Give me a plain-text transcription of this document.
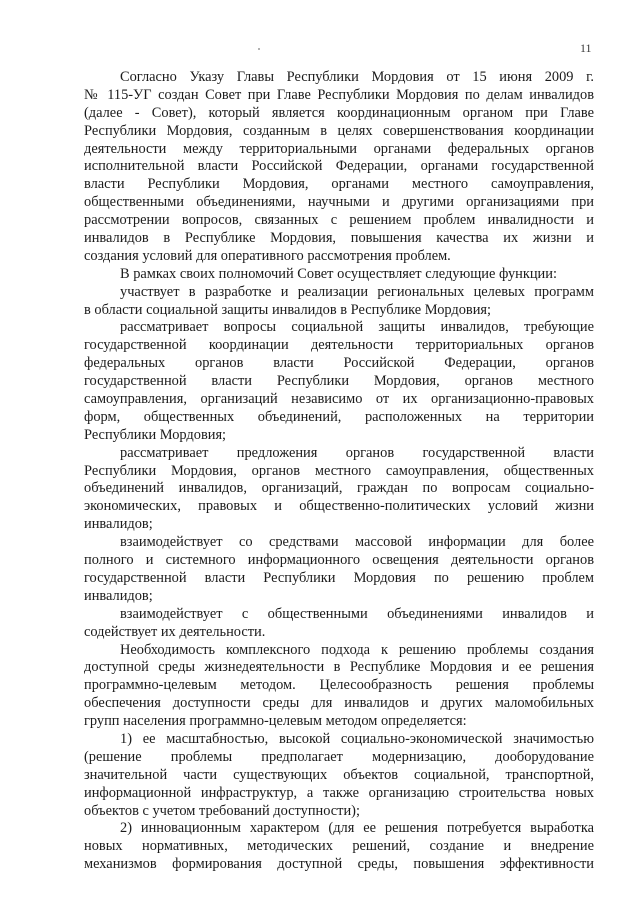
11
Согласно Указу Главы Республики Мордовия от 15 июня 2009 г.
№ 115-УГ создан Совет при Главе Республики Мордовия по делам инвалидов
(далее - Совет), который является координационным органом при Главе
Республики Мордовия, созданным в целях совершенствования координации
деятельности между территориальными органами федеральных органов
исполнительной власти Российской Федерации, органами государственной
власти Республики Мордовия, органами местного самоуправления,
общественными объединениями, научными и другими организациями при
рассмотрении вопросов, связанных с решением проблем инвалидности и
инвалидов в Республике Мордовия, повышения качества их жизни и
создания условий для оперативного рассмотрения проблем.
В рамках своих полномочий Совет осуществляет следующие функции:
участвует в разработке и реализации региональных целевых программ
в области социальной защиты инвалидов в Республике Мордовия;
рассматривает вопросы социальной защиты инвалидов, требующие
государственной координации деятельности территориальных органов
федеральных органов власти Российской Федерации, органов
государственной власти Республики Мордовия, органов местного
самоуправления, организаций независимо от их организационно-правовых
форм, общественных объединений, расположенных на территории
Республики Мордовия;
рассматривает предложения органов государственной власти
Республики Мордовия, органов местного самоуправления, общественных
объединений инвалидов, организаций, граждан по вопросам социально-
экономических, правовых и общественно-политических условий жизни
инвалидов;
взаимодействует со средствами массовой информации для более
полного и системного информационного освещения деятельности органов
государственной власти Республики Мордовия по решению проблем
инвалидов;
взаимодействует с общественными объединениями инвалидов и
содействует их деятельности.
Необходимость комплексного подхода к решению проблемы создания
доступной среды жизнедеятельности в Республике Мордовия и ее решения
программно-целевым методом. Целесообразность решения проблемы
обеспечения доступности среды для инвалидов и других маломобильных
групп населения программно-целевым методом определяется:
1) ее масштабностью, высокой социально-экономической значимостью
(решение проблемы предполагает модернизацию, дооборудование
значительной части существующих объектов социальной, транспортной,
информационной инфраструктур, а также организацию строительства новых
объектов с учетом требований доступности);
2) инновационным характером (для ее решения потребуется выработка
новых нормативных, методических решений, создание и внедрение
механизмов формирования доступной среды, повышения эффективности
